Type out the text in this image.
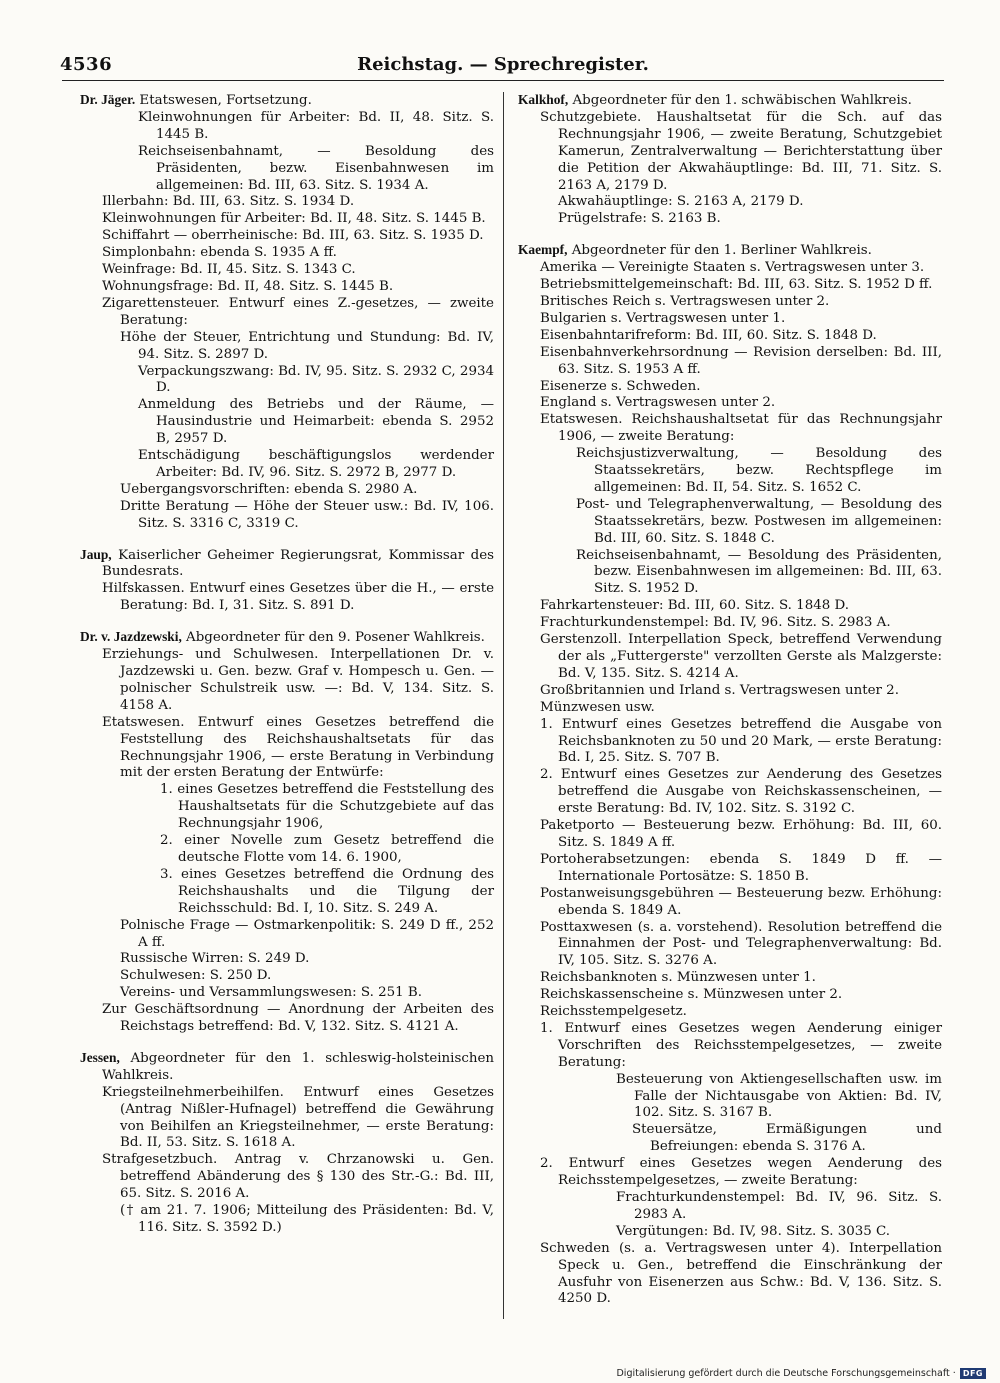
4536	Reichstag. — Sprechregister.
Dr. Jäger. Etatswesen, Fortsetzung.
Kleinwohnungen für Arbeiter: Bd. II, 48. Sitz. S. 1445 B.
Reichseisenbahnamt, — Besoldung des Präsidenten, bezw. Eisenbahnwesen im allgemeinen: Bd. III, 63. Sitz. S. 1934 A.
Illerbahn: Bd. III, 63. Sitz. S. 1934 D.
Kleinwohnungen für Arbeiter: Bd. II, 48. Sitz. S. 1445 B.
Schiffahrt — oberrheinische: Bd. III, 63. Sitz. S. 1935 D.
Simplonbahn: ebenda S. 1935 A ff.
Weinfrage: Bd. II, 45. Sitz. S. 1343 C.
Wohnungsfrage: Bd. II, 48. Sitz. S. 1445 B.
Zigarettensteuer. Entwurf eines Z.-gesetzes, — zweite Beratung:
Höhe der Steuer, Entrichtung und Stundung: Bd. IV, 94. Sitz. S. 2897 D.
Verpackungszwang: Bd. IV, 95. Sitz. S. 2932 C, 2934 D.
Anmeldung des Betriebs und der Räume, — Hausindustrie und Heimarbeit: ebenda S. 2952 B, 2957 D.
Entschädigung beschäftigungslos werdender Arbeiter: Bd. IV, 96. Sitz. S. 2972 B, 2977 D.
Uebergangsvorschriften: ebenda S. 2980 A.
Dritte Beratung — Höhe der Steuer usw.: Bd. IV, 106. Sitz. S. 3316 C, 3319 C.
Jaup, Kaiserlicher Geheimer Regierungsrat, Kommissar des Bundesrats.
Hilfskassen. Entwurf eines Gesetzes über die H., — erste Beratung: Bd. I, 31. Sitz. S. 891 D.
Dr. v. Jazdzewski, Abgeordneter für den 9. Posener Wahlkreis.
Erziehungs- und Schulwesen. Interpellationen Dr. v. Jazdzewski u. Gen. bezw. Graf v. Hompesch u. Gen. — polnischer Schulstreik usw. —: Bd. V, 134. Sitz. S. 4158 A.
Etatswesen. Entwurf eines Gesetzes betreffend die Feststellung des Reichshaushaltsetats für das Rechnungsjahr 1906, — erste Beratung in Verbindung mit der ersten Beratung der Entwürfe:
1. eines Gesetzes betreffend die Feststellung des Haushaltsetats für die Schutzgebiete auf das Rechnungsjahr 1906,
2. einer Novelle zum Gesetz betreffend die deutsche Flotte vom 14. 6. 1900,
3. eines Gesetzes betreffend die Ordnung des Reichshaushalts und die Tilgung der Reichsschuld: Bd. I, 10. Sitz. S. 249 A.
Polnische Frage — Ostmarkenpolitik: S. 249 D ff., 252 A ff.
Russische Wirren: S. 249 D.
Schulwesen: S. 250 D.
Vereins- und Versammlungswesen: S. 251 B.
Zur Geschäftsordnung — Anordnung der Arbeiten des Reichstags betreffend: Bd. V, 132. Sitz. S. 4121 A.
Jessen, Abgeordneter für den 1. schleswig-holsteinischen Wahlkreis.
Kriegsteilnehmerbeihilfen. Entwurf eines Gesetzes (Antrag Nißler-Hufnagel) betreffend die Gewährung von Beihilfen an Kriegsteilnehmer, — erste Beratung: Bd. II, 53. Sitz. S. 1618 A.
Strafgesetzbuch. Antrag v. Chrzanowski u. Gen. betreffend Abänderung des § 130 des Str.-G.: Bd. III, 65. Sitz. S. 2016 A.
(† am 21. 7. 1906; Mitteilung des Präsidenten: Bd. V, 116. Sitz. S. 3592 D.)
Kalkhof, Abgeordneter für den 1. schwäbischen Wahlkreis.
Schutzgebiete. Haushaltsetat für die Sch. auf das Rechnungsjahr 1906, — zweite Beratung, Schutzgebiet Kamerun, Zentralverwaltung — Berichterstattung über die Petition der Akwahäuptlinge: Bd. III, 71. Sitz. S. 2163 A, 2179 D.
Akwahäuptlinge: S. 2163 A, 2179 D.
Prügelstrafe: S. 2163 B.
Kaempf, Abgeordneter für den 1. Berliner Wahlkreis.
Amerika — Vereinigte Staaten s. Vertragswesen unter 3.
Betriebsmittelgemeinschaft: Bd. III, 63. Sitz. S. 1952 D ff.
Britisches Reich s. Vertragswesen unter 2.
Bulgarien s. Vertragswesen unter 1.
Eisenbahntarifreform: Bd. III, 60. Sitz. S. 1848 D.
Eisenbahnverkehrsordnung — Revision derselben: Bd. III, 63. Sitz. S. 1953 A ff.
Eisenerze s. Schweden.
England s. Vertragswesen unter 2.
Etatswesen. Reichshaushaltsetat für das Rechnungsjahr 1906, — zweite Beratung:
Reichsjustizverwaltung, — Besoldung des Staatssekretärs, bezw. Rechtspflege im allgemeinen: Bd. II, 54. Sitz. S. 1652 C.
Post- und Telegraphenverwaltung, — Besoldung des Staatssekretärs, bezw. Postwesen im allgemeinen: Bd. III, 60. Sitz. S. 1848 C.
Reichseisenbahnamt, — Besoldung des Präsidenten, bezw. Eisenbahnwesen im allgemeinen: Bd. III, 63. Sitz. S. 1952 D.
Fahrkartensteuer: Bd. III, 60. Sitz. S. 1848 D.
Frachturkundenstempel: Bd. IV, 96. Sitz. S. 2983 A.
Gerstenzoll. Interpellation Speck, betreffend Verwendung der als „Futtergerste" verzollten Gerste als Malzgerste: Bd. V, 135. Sitz. S. 4214 A.
Großbritannien und Irland s. Vertragswesen unter 2.
Münzwesen usw.
1. Entwurf eines Gesetzes betreffend die Ausgabe von Reichsbanknoten zu 50 und 20 Mark, — erste Beratung: Bd. I, 25. Sitz. S. 707 B.
2. Entwurf eines Gesetzes zur Aenderung des Gesetzes betreffend die Ausgabe von Reichskassenscheinen, — erste Beratung: Bd. IV, 102. Sitz. S. 3192 C.
Paketporto — Besteuerung bezw. Erhöhung: Bd. III, 60. Sitz. S. 1849 A ff.
Portoherabsetzungen: ebenda S. 1849 D ff. — Internationale Portosätze: S. 1850 B.
Postanweisungsgebühren — Besteuerung bezw. Erhöhung: ebenda S. 1849 A.
Posttaxwesen (s. a. vorstehend). Resolution betreffend die Einnahmen der Post- und Telegraphenverwaltung: Bd. IV, 105. Sitz. S. 3276 A.
Reichsbanknoten s. Münzwesen unter 1.
Reichskassenscheine s. Münzwesen unter 2.
Reichsstempelgesetz.
1. Entwurf eines Gesetzes wegen Aenderung einiger Vorschriften des Reichsstempelgesetzes, — zweite Beratung:
Besteuerung von Aktiengesellschaften usw. im Falle der Nichtausgabe von Aktien: Bd. IV, 102. Sitz. S. 3167 B.
Steuersätze, Ermäßigungen und Befreiungen: ebenda S. 3176 A.
2. Entwurf eines Gesetzes wegen Aenderung des Reichsstempelgesetzes, — zweite Beratung:
Frachturkundenstempel: Bd. IV, 96. Sitz. S. 2983 A.
Vergütungen: Bd. IV, 98. Sitz. S. 3035 C.
Schweden (s. a. Vertragswesen unter 4). Interpellation Speck u. Gen., betreffend die Einschränkung der Ausfuhr von Eisenerzen aus Schw.: Bd. V, 136. Sitz. S. 4250 D.
Digitalisierung gefördert durch die Deutsche Forschungsgemeinschaft · DFG
